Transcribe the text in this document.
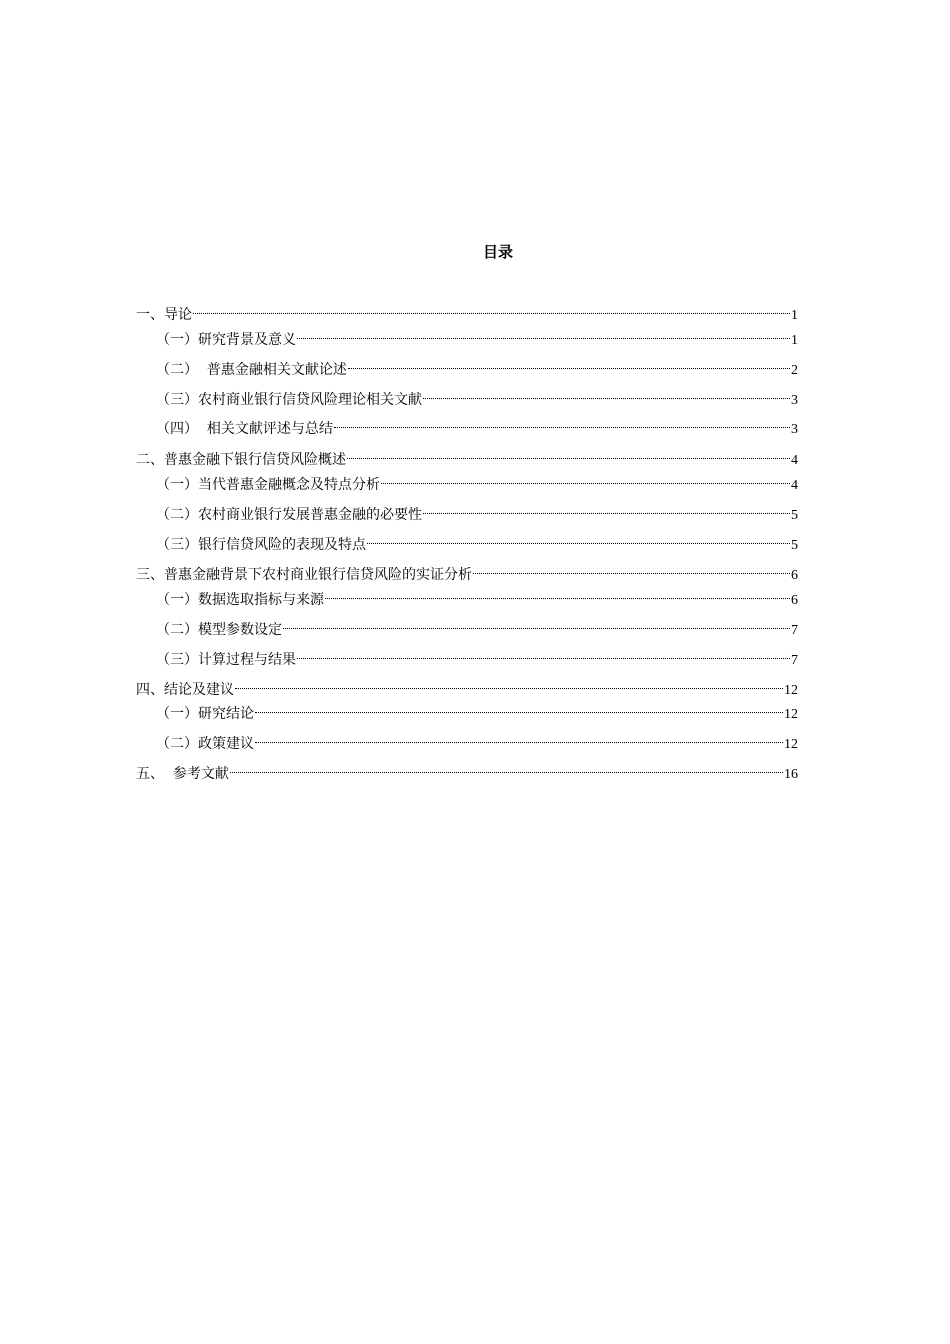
目录
一、导论	1
（一）研究背景及意义	1
（二）  普惠金融相关文献论述	2
（三）农村商业银行信贷风险理论相关文献	3
（四）  相关文献评述与总结	3
二、普惠金融下银行信贷风险概述	4
（一）当代普惠金融概念及特点分析	4
（二）农村商业银行发展普惠金融的必要性	5
（三）银行信贷风险的表现及特点	5
三、普惠金融背景下农村商业银行信贷风险的实证分析	6
（一）数据选取指标与来源	6
（二）模型参数设定	7
（三）计算过程与结果	7
四、结论及建议	12
（一）研究结论	12
（二）政策建议	12
五、  参考文献	16
